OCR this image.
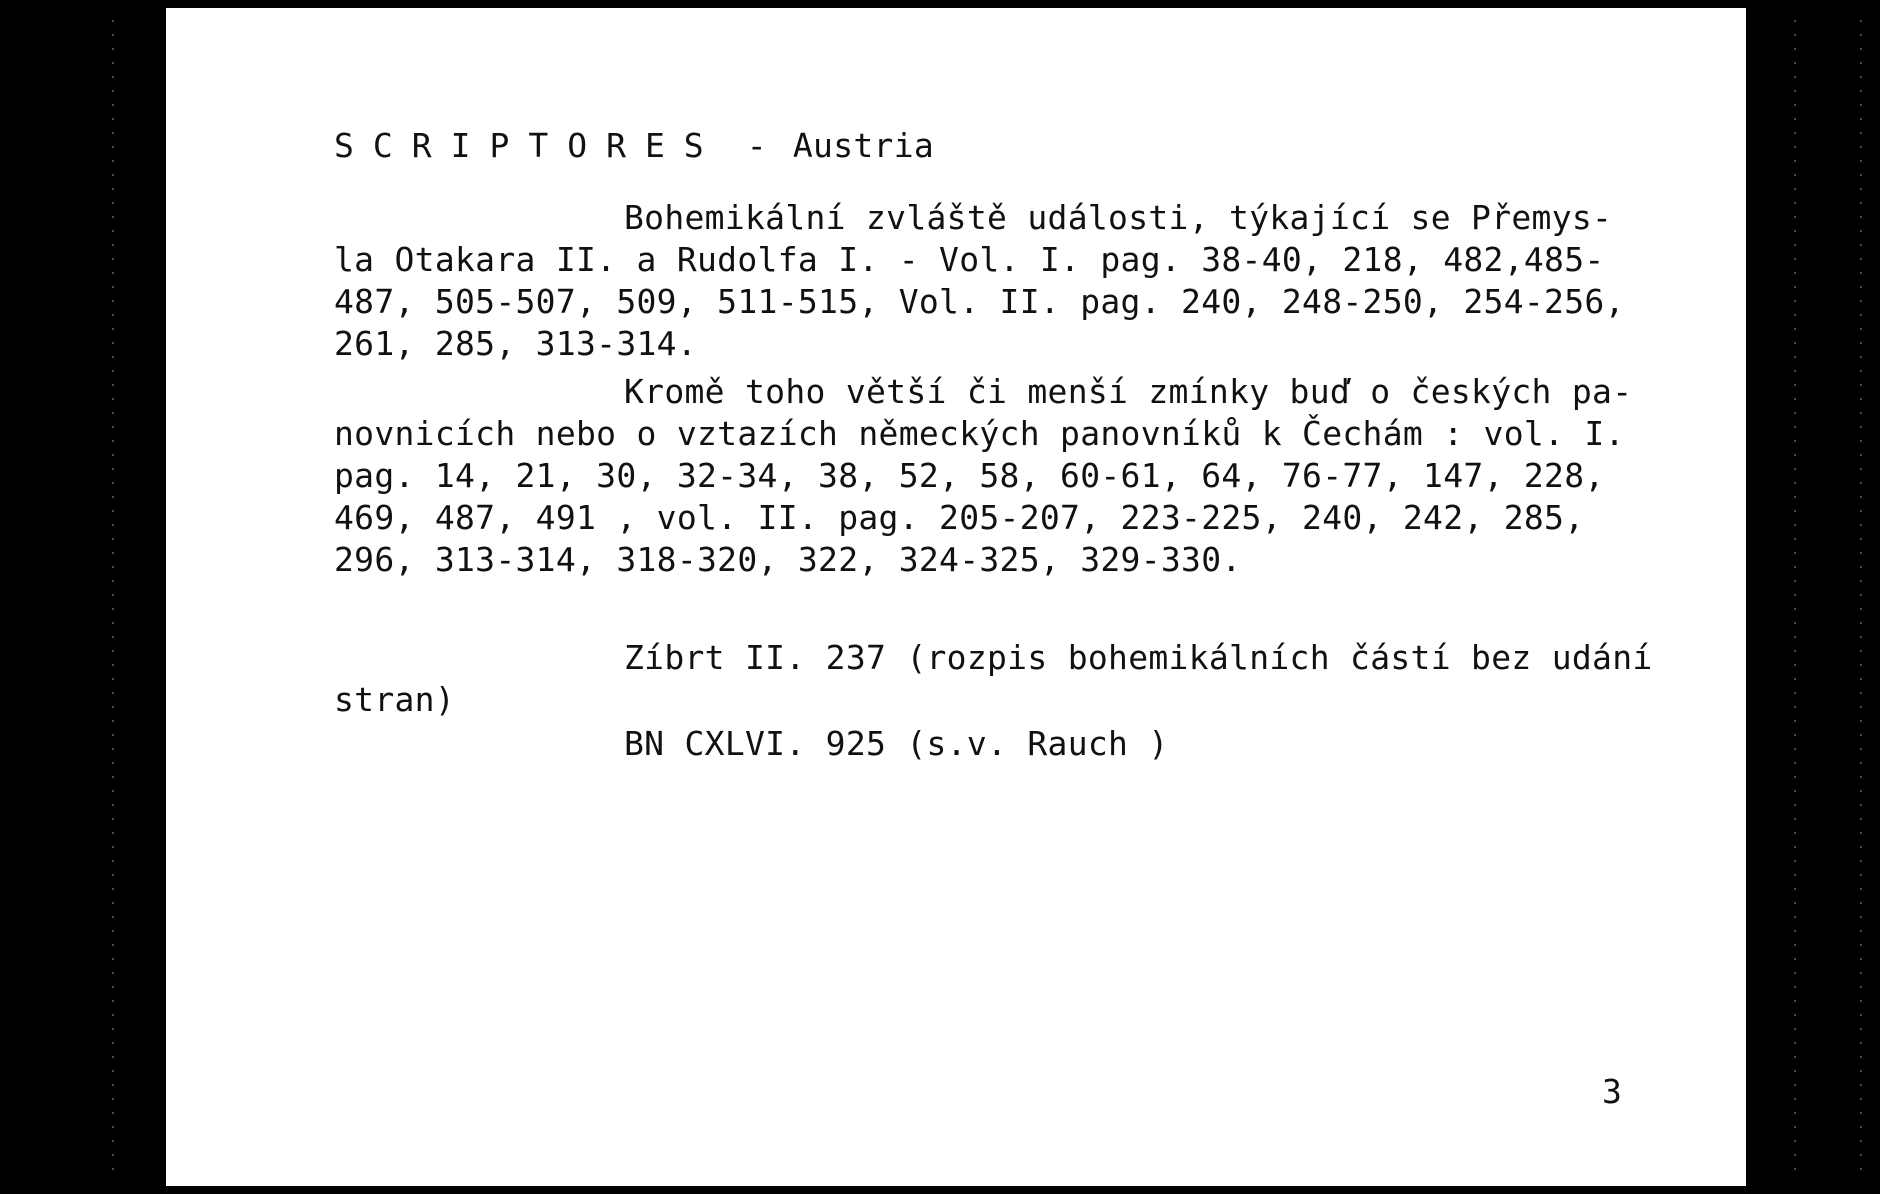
SCRIPTORES - Austria
Bohemikální zvláště události, týkající se Přemys-
la Otakara II. a Rudolfa I. - Vol. I. pag. 38-40, 218, 482,485-
487, 505-507, 509, 511-515, Vol. II. pag. 240, 248-250, 254-256,
261, 285, 313-314.
Kromě toho větší či menší zmínky buď o českých pa-
novnicích nebo o vztazích německých panovníků k Čechám : vol. I.
pag. 14, 21, 30, 32-34, 38, 52, 58, 60-61, 64, 76-77, 147, 228,
469, 487, 491 , vol. II. pag. 205-207, 223-225, 240, 242, 285,
296, 313-314, 318-320, 322, 324-325, 329-330.
Zíbrt II. 237 (rozpis bohemikálních částí bez udání
stran)
BN CXLVI. 925 (s.v. Rauch )
3
